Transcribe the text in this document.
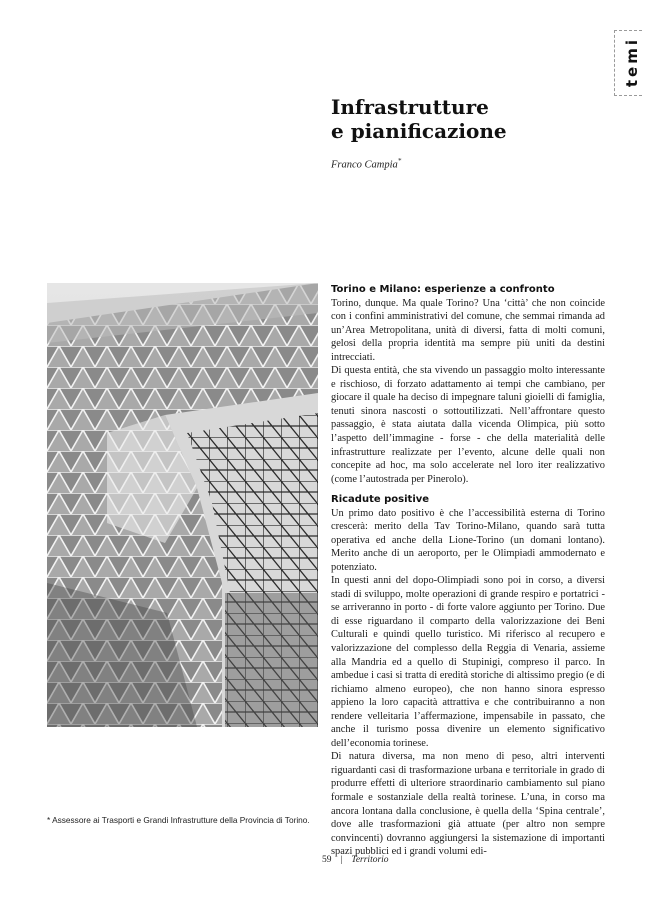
temi
Infrastrutture
e pianificazione
Franco Campia*
Torino e Milano: esperienze a confronto

Torino, dunque. Ma quale Torino? Una ‘città’ che non coincide con i confini amministrativi del comune, che semmai rimanda ad un’Area Metropolitana, unità di diversi, fatta di molti comuni, gelosi della propria identità ma sempre più uniti da destini intrecciati.

Di questa entità, che sta vivendo un passaggio molto interessante e rischioso, di forzato adattamento ai tempi che cambiano, per giocare il quale ha deciso di impegnare taluni gioielli di famiglia, tenuti sinora nascosti o sottoutilizzati. Nell’affrontare questo passaggio, è stata aiutata dalla vicenda Olimpica, più sotto l’aspetto dell’immagine - forse - che della materialità delle infrastrutture realizzate per l’evento, alcune delle quali non concepite ad hoc, ma solo accelerate nel loro iter realizzativo (come l’autostrada per Pinerolo).

Ricadute positive

Un primo dato positivo è che l’accessibilità esterna di Torino crescerà: merito della Tav Torino-Milano, quando sarà tutta operativa ed anche della Lione-Torino (un domani lontano). Merito anche di un aeroporto, per le Olimpiadi ammodernato e potenziato.

In questi anni del dopo-Olimpiadi sono poi in corso, a diversi stadi di sviluppo, molte operazioni di grande respiro e portatrici - se arriveranno in porto - di forte valore aggiunto per Torino. Due di esse riguardano il comparto della valorizzazione dei Beni Culturali e quindi quello turistico. Mi riferisco al recupero e valorizzazione del complesso della Reggia di Venaria, assieme alla Mandria ed a quello di Stupinigi, compreso il parco. In ambedue i casi si tratta di eredità storiche di altissimo pregio (e di richiamo almeno europeo), che non hanno sinora espresso appieno la loro capacità attrattiva e che contribuiranno a non rendere velleitaria l’affermazione, impensabile in passato, che anche il turismo possa divenire un elemento significativo dell’economia torinese.

Di natura diversa, ma non meno di peso, altri interventi riguardanti casi di trasformazione urbana e territoriale in grado di produrre effetti di ulteriore straordinario cambiamento sul piano formale e sostanziale della realtà torinese. L’una, in corso ma ancora lontana dalla conclusione, è quella della ‘Spina centrale’, dove alle trasformazioni già attuate (per altro non sempre convincenti) dovranno aggiungersi la sistemazione di importanti spazi pubblici ed i grandi volumi edi-

* Assessore ai Trasporti e Grandi Infrastrutture della Provincia di Torino.
59 | Territorio
